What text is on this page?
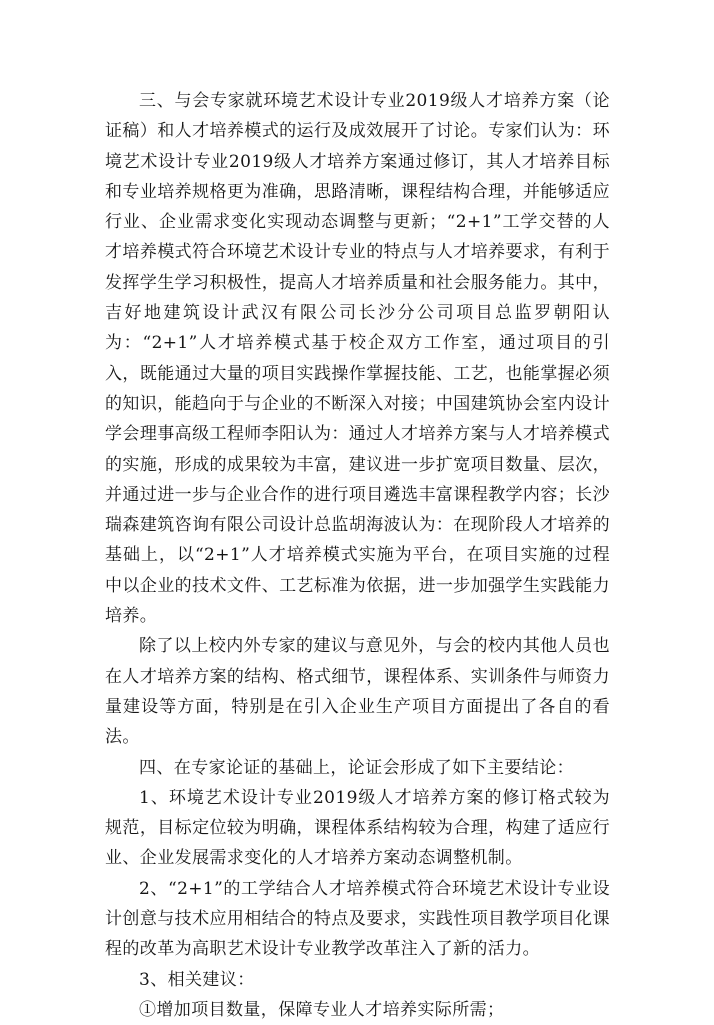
三、与会专家就环境艺术设计专业2019级人才培养方案（论证稿）和人才培养模式的运行及成效展开了讨论。专家们认为：环境艺术设计专业2019级人才培养方案通过修订，其人才培养目标和专业培养规格更为准确，思路清晰，课程结构合理，并能够适应行业、企业需求变化实现动态调整与更新；“2+1”工学交替的人才培养模式符合环境艺术设计专业的特点与人才培养要求，有利于发挥学生学习积极性，提高人才培养质量和社会服务能力。其中，吉好地建筑设计武汉有限公司长沙分公司项目总监罗朝阳认为：“2+1”人才培养模式基于校企双方工作室，通过项目的引入，既能通过大量的项目实践操作掌握技能、工艺，也能掌握必须的知识，能趋向于与企业的不断深入对接；中国建筑协会室内设计学会理事高级工程师李阳认为：通过人才培养方案与人才培养模式的实施，形成的成果较为丰富，建议进一步扩宽项目数量、层次，并通过进一步与企业合作的进行项目遴选丰富课程教学内容；长沙瑞森建筑咨询有限公司设计总监胡海波认为：在现阶段人才培养的基础上，以“2+1”人才培养模式实施为平台，在项目实施的过程中以企业的技术文件、工艺标准为依据，进一步加强学生实践能力培养。

除了以上校内外专家的建议与意见外，与会的校内其他人员也在人才培养方案的结构、格式细节，课程体系、实训条件与师资力量建设等方面，特别是在引入企业生产项目方面提出了各自的看法。

四、在专家论证的基础上，论证会形成了如下主要结论：

1、环境艺术设计专业2019级人才培养方案的修订格式较为规范，目标定位较为明确，课程体系结构较为合理，构建了适应行业、企业发展需求变化的人才培养方案动态调整机制。

2、“2+1”的工学结合人才培养模式符合环境艺术设计专业设计创意与技术应用相结合的特点及要求，实践性项目教学项目化课程的改革为高职艺术设计专业教学改革注入了新的活力。

3、相关建议：

①增加项目数量，保障专业人才培养实际所需；
